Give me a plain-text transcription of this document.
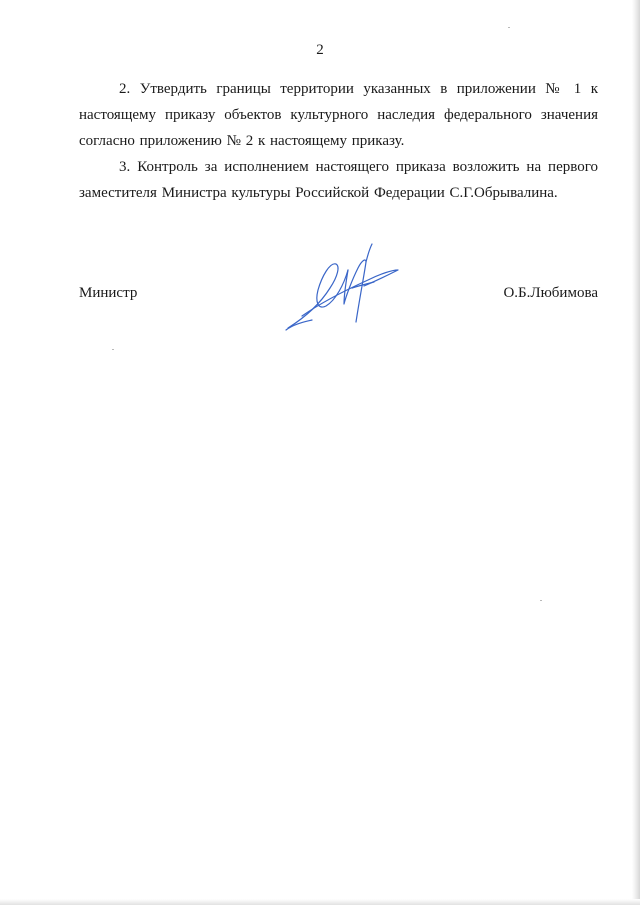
2

2. Утвердить границы территории указанных в приложении № 1 к настоящему приказу объектов культурного наследия федерального значения согласно приложению № 2 к настоящему приказу.

3. Контроль за исполнением настоящего приказа возложить на первого заместителя Министра культуры Российской Федерации С.Г.Обрывалина.

Министр	О.Б.Любимова
